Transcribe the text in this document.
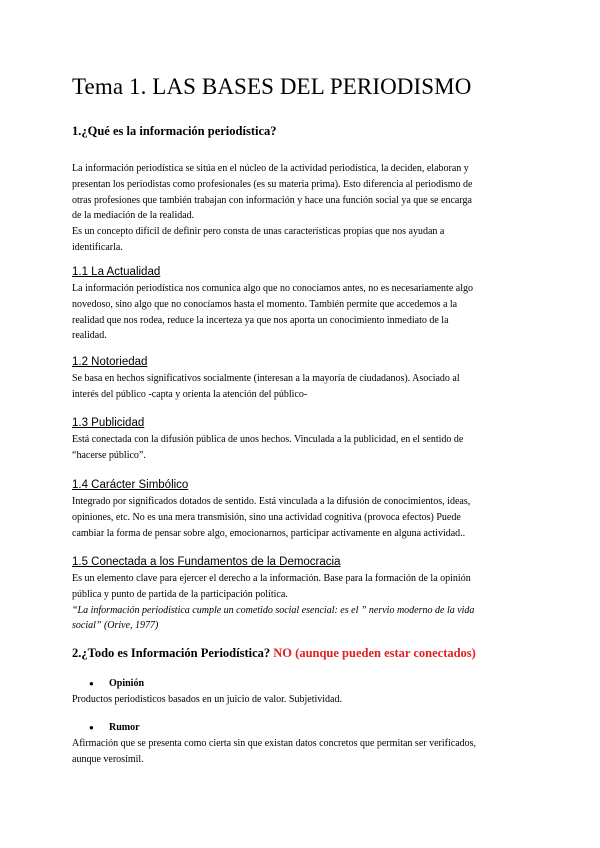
Tema 1. LAS BASES DEL PERIODISMO
1.¿Qué es la información periodística?
La información periodística se sitúa en el núcleo de la actividad periodística, la deciden, elaboran y
presentan los periodistas como profesionales (es su materia prima). Esto diferencia al periodismo de
otras profesiones que también trabajan con información y hace una función social ya que se encarga
de la mediación de la realidad.
Es un concepto difícil de definir pero consta de unas características propias que nos ayudan a
identificarla.
1.1 La Actualidad
La información periodística nos comunica algo que no conocíamos antes, no es necesariamente algo
novedoso, sino algo que no conocíamos hasta el momento. También permite que accedemos a la
realidad que nos rodea, reduce la incerteza ya que nos aporta un conocimiento inmediato de la
realidad.
1.2 Notoriedad
Se basa en hechos significativos socialmente (interesan a la mayoría de ciudadanos). Asociado al
interés del público -capta y orienta la atención del público-
1.3 Publicidad
Está conectada con la difusión pública de unos hechos. Vinculada a la publicidad, en el sentido de
“hacerse público”.
1.4 Carácter Simbólico
Integrado por significados dotados de sentido. Está vinculada a la difusión de conocimientos, ideas,
opiniones, etc. No es una mera transmisión, sino una actividad cognitiva (provoca efectos) Puede
cambiar la forma de pensar sobre algo, emocionarnos, participar activamente en alguna actividad..
1.5 Conectada a los Fundamentos de la Democracia
Es un elemento clave para ejercer el derecho a la información. Base para la formación de la opinión
pública y punto de partida de la participación política.
“La información periodística cumple un cometido social esencial: es el ” nervio moderno de la vida
social” (Orive, 1977)
2.¿Todo es Información Periodística? NO (aunque pueden estar conectados)
● Opinión
Productos periodísticos basados en un juicio de valor. Subjetividad.
● Rumor
Afirmación que se presenta como cierta sin que existan datos concretos que permitan ser verificados,
aunque verosímil.
